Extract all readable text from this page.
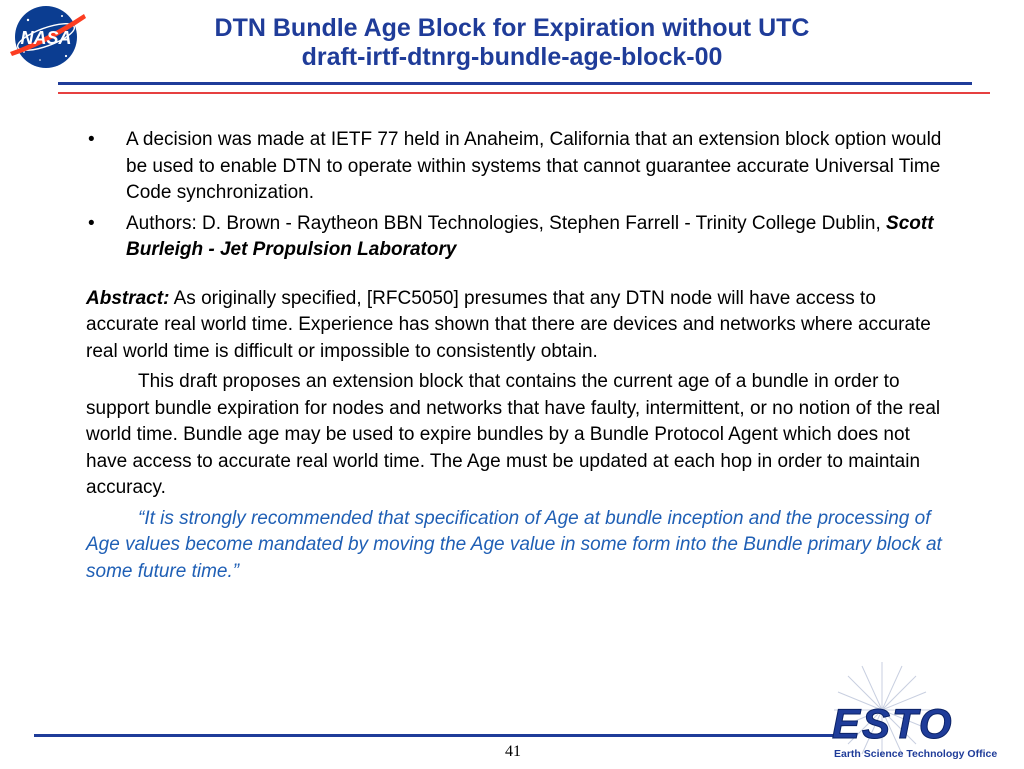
NASA	DTN Bundle Age Block for Expiration without UTC
draft-irtf-dtnrg-bundle-age-block-00
• A decision was made at IETF 77 held in Anaheim, California that an extension block option would be used to enable DTN to operate within systems that cannot guarantee accurate Universal Time Code synchronization.
• Authors: D. Brown - Raytheon BBN Technologies, Stephen Farrell - Trinity College Dublin, Scott Burleigh - Jet Propulsion Laboratory
Abstract: As originally specified, [RFC5050] presumes that any DTN node will have access to accurate real world time. Experience has shown that there are devices and networks where accurate real world time is difficult or impossible to consistently obtain.
This draft proposes an extension block that contains the current age of a bundle in order to support bundle expiration for nodes and networks that have faulty, intermittent, or no notion of the real world time. Bundle age may be used to expire bundles by a Bundle Protocol Agent which does not have access to accurate real world time. The Age must be updated at each hop in order to maintain accuracy.
“It is strongly recommended that specification of Age at bundle inception and the processing of Age values become mandated by moving the Age value in some form into the Bundle primary block at some future time.”
41
ESTO
Earth Science Technology Office
